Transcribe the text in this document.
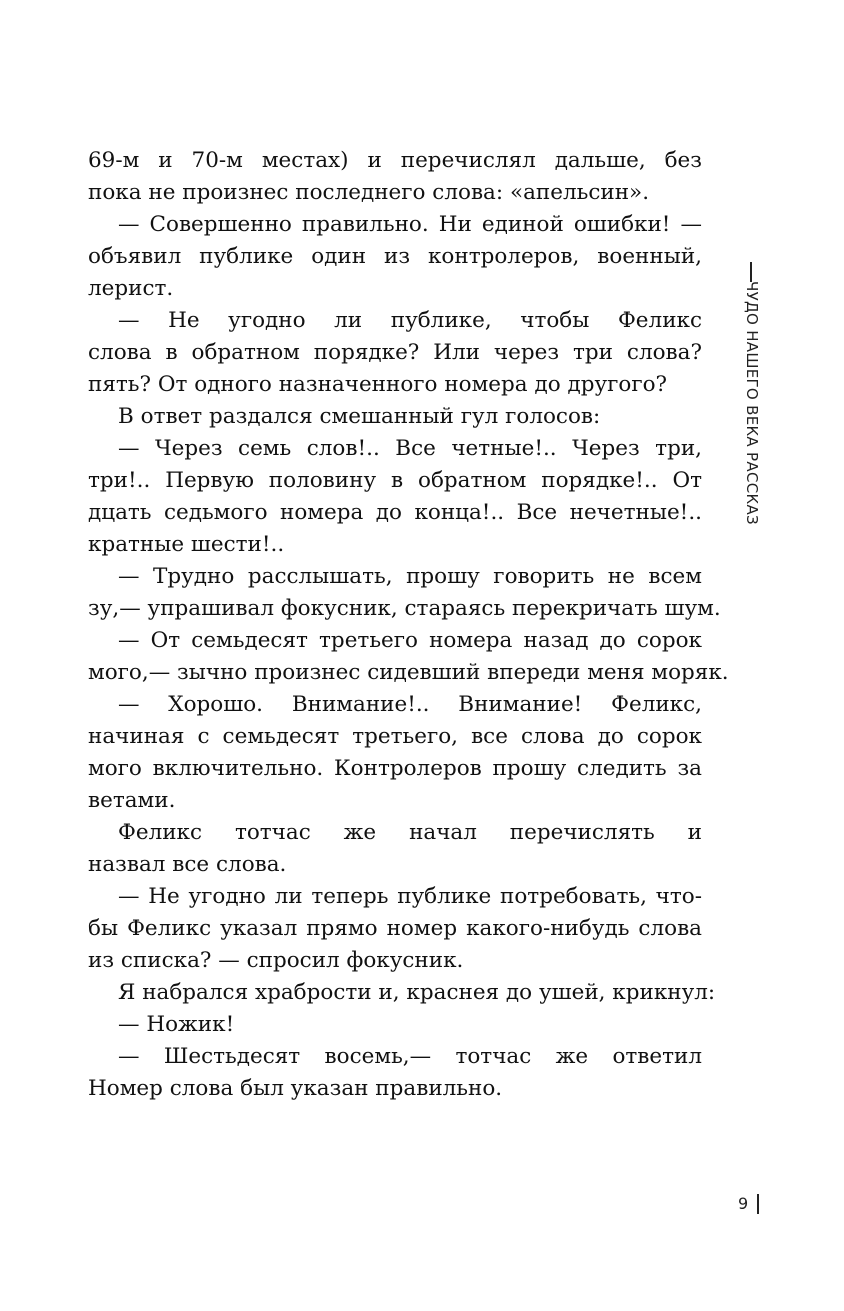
69-м и 70-м местах) и перечислял дальше, без
пока не произнес последнего слова: «апельсин».
— Совершенно правильно. Ни единой ошибки! —
объявил публике один из контролеров, военный,
лерист.
— Не угодно ли публике, чтобы Феликс
слова в обратном порядке? Или через три слова?
пять? От одного назначенного номера до другого?
В ответ раздался смешанный гул голосов:
— Через семь слов!.. Все четные!.. Через три,
три!.. Первую половину в обратном порядке!.. От
дцать седьмого номера до конца!.. Все нечетные!..
кратные шести!..
— Трудно расслышать, прошу говорить не всем
зу,— упрашивал фокусник, стараясь перекричать шум.
— От семьдесят третьего номера назад до сорок
мого,— зычно произнес сидевший впереди меня моряк.
— Хорошо. Внимание!.. Внимание! Феликс,
начиная с семьдесят третьего, все слова до сорок
мого включительно. Контролеров прошу следить за
ветами.
Феликс тотчас же начал перечислять и
назвал все слова.
— Не угодно ли теперь публике потребовать, что-
бы Феликс указал прямо номер какого-нибудь слова
из списка? — спросил фокусник.
Я набрался храбрости и, краснея до ушей, крикнул:
— Ножик!
— Шестьдесят восемь,— тотчас же ответил
Номер слова был указан правильно.
ЧУДО НАШЕГО ВЕКА РАССКАЗ
9
